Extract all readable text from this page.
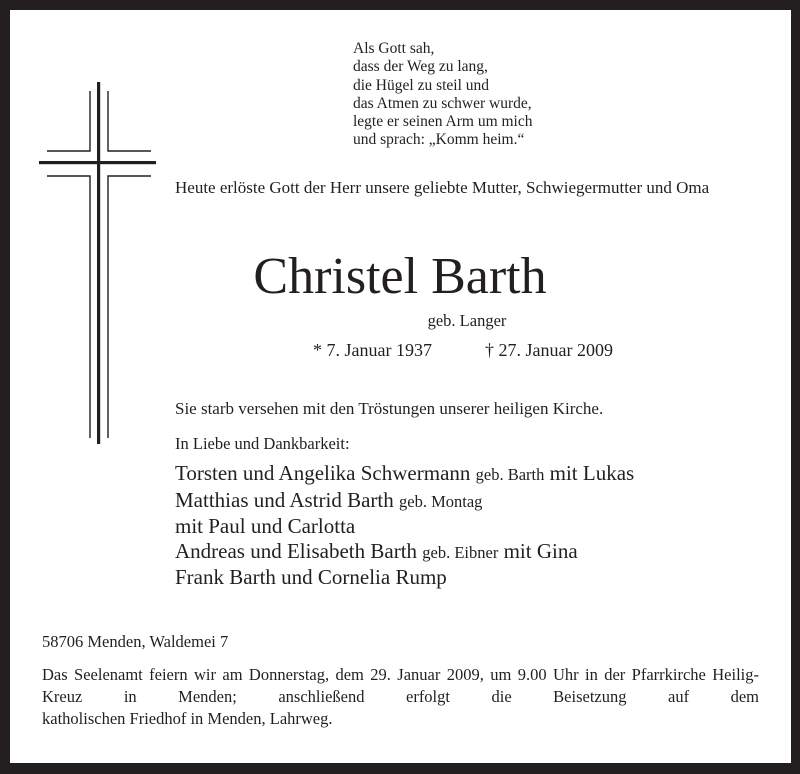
Als Gott sah,
dass der Weg zu lang,
die Hügel zu steil und
das Atmen zu schwer wurde,
legte er seinen Arm um mich
und sprach: „Komm heim.“
Heute erlöste Gott der Herr unsere geliebte Mutter, Schwiegermutter und Oma
Christel Barth
geb. Langer
* 7. Januar 1937	† 27. Januar 2009
Sie starb versehen mit den Tröstungen unserer heiligen Kirche.
In Liebe und Dankbarkeit:
Torsten und Angelika Schwermann geb. Barth mit Lukas
Matthias und Astrid Barth geb. Montag
mit Paul und Carlotta
Andreas und Elisabeth Barth geb. Eibner mit Gina
Frank Barth und Cornelia Rump
58706 Menden, Waldemei 7
Das Seelenamt feiern wir am Donnerstag, dem 29. Januar 2009, um 9.00 Uhr in der Pfarrkirche Heilig-Kreuz in Menden; anschließend erfolgt die Beisetzung auf dem
katholischen Friedhof in Menden, Lahrweg.
